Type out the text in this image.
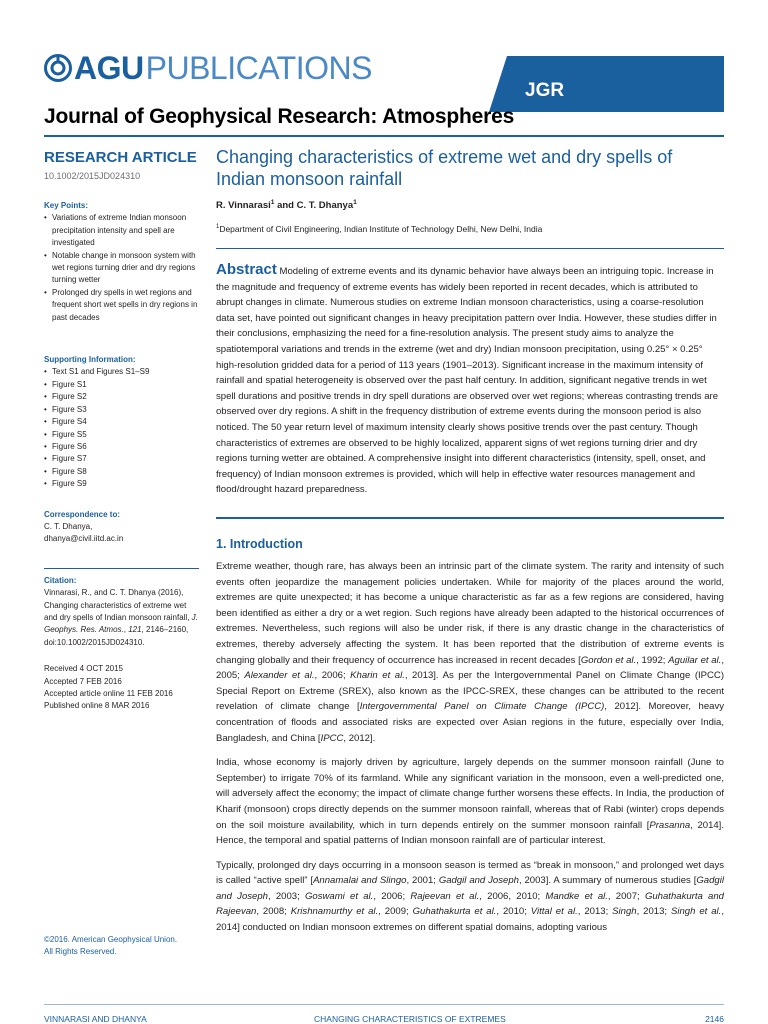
AGU PUBLICATIONS
JGR
Journal of Geophysical Research: Atmospheres
RESEARCH ARTICLE
10.1002/2015JD024310
Key Points:
• Variations of extreme Indian monsoon precipitation intensity and spell are investigated
• Notable change in monsoon system with wet regions turning drier and dry regions turning wetter
• Prolonged dry spells in wet regions and frequent short wet spells in dry regions in past decades
Supporting Information:
• Text S1 and Figures S1–S9
• Figure S1
• Figure S2
• Figure S3
• Figure S4
• Figure S5
• Figure S6
• Figure S7
• Figure S8
• Figure S9
Correspondence to:
C. T. Dhanya,
dhanya@civil.iitd.ac.in
Citation:
Vinnarasi, R., and C. T. Dhanya (2016), Changing characteristics of extreme wet and dry spells of Indian monsoon rainfall, J. Geophys. Res. Atmos., 121, 2146–2160, doi:10.1002/2015JD024310.
Received 4 OCT 2015
Accepted 7 FEB 2016
Accepted article online 11 FEB 2016
Published online 8 MAR 2016
©2016. American Geophysical Union.
All Rights Reserved.
Changing characteristics of extreme wet and dry spells of Indian monsoon rainfall
R. Vinnarasi$^1$ and C. T. Dhanya$^1$
$^1$Department of Civil Engineering, Indian Institute of Technology Delhi, New Delhi, India
Abstract Modeling of extreme events and its dynamic behavior have always been an intriguing topic. Increase in the magnitude and frequency of extreme events has widely been reported in recent decades, which is attributed to abrupt changes in climate. Numerous studies on extreme Indian monsoon characteristics, using a coarse-resolution data set, have pointed out significant changes in heavy precipitation pattern over India. However, these studies differ in their conclusions, emphasizing the need for a fine-resolution analysis. The present study aims to analyze the spatiotemporal variations and trends in the extreme (wet and dry) Indian monsoon precipitation, using 0.25° × 0.25° high-resolution gridded data for a period of 113 years (1901–2013). Significant increase in the maximum intensity of rainfall and spatial heterogeneity is observed over the past half century. In addition, significant negative trends in wet spell durations and positive trends in dry spell durations are observed over wet regions; whereas contrasting trends are observed over dry regions. A shift in the frequency distribution of extreme events during the monsoon period is also noticed. The 50 year return level of maximum intensity clearly shows positive trends over the past century. Though characteristics of extremes are observed to be highly localized, apparent signs of wet regions turning drier and dry regions turning wetter are obtained. A comprehensive insight into different characteristics (intensity, spell, onset, and frequency) of Indian monsoon extremes is provided, which will help in effective water resources management and flood/drought hazard preparedness.
1. Introduction

Extreme weather, though rare, has always been an intrinsic part of the climate system. The rarity and intensity of such events often jeopardize the management policies undertaken. While for majority of the places around the world, extremes are quite unexpected; it has become a unique characteristic as far as a few regions are considered, having been identified as either a dry or a wet region. Such regions have already been adapted to the historical occurrences of extremes. Nevertheless, such regions will also be under risk, if there is any drastic change in the characteristics of extremes, thereby adversely affecting the system. It has been reported that the distribution of extreme events is changing globally and their frequency of occurrence has increased in recent decades [Gordon et al., 1992; Aguilar et al., 2005; Alexander et al., 2006; Kharin et al., 2013]. As per the Intergovernmental Panel on Climate Change (IPCC) Special Report on Extreme (SREX), also known as the IPCC-SREX, these changes can be attributed to the recent revelation of climate change [Intergovernmental Panel on Climate Change (IPCC), 2012]. Moreover, heavy concentration of floods and associated risks are expected over Asian regions in the future, especially over India, Bangladesh, and China [IPCC, 2012].

India, whose economy is majorly driven by agriculture, largely depends on the summer monsoon rainfall (June to September) to irrigate 70% of its farmland. While any significant variation in the monsoon, even a well-predicted one, will adversely affect the economy; the impact of climate change further worsens these effects. In India, the production of Kharif (monsoon) crops directly depends on the summer monsoon rainfall, whereas that of Rabi (winter) crops depends on the soil moisture availability, which in turn depends entirely on the summer monsoon rainfall [Prasanna, 2014]. Hence, the temporal and spatial patterns of Indian monsoon rainfall are of particular interest.

Typically, prolonged dry days occurring in a monsoon season is termed as “break in monsoon,” and prolonged wet days is called “active spell” [Annamalai and Slingo, 2001; Gadgil and Joseph, 2003]. A summary of numerous studies [Gadgil and Joseph, 2003; Goswami et al., 2006; Rajeevan et al., 2006, 2010; Mandke et al., 2007; Guhathakurta and Rajeevan, 2008; Krishnamurthy et al., 2009; Guhathakurta et al., 2010; Vittal et al., 2013; Singh, 2013; Singh et al., 2014] conducted on Indian monsoon extremes on different spatial domains, adopting various

VINNARASI AND DHANYA	CHANGING CHARACTERISTICS OF EXTREMES	2146
